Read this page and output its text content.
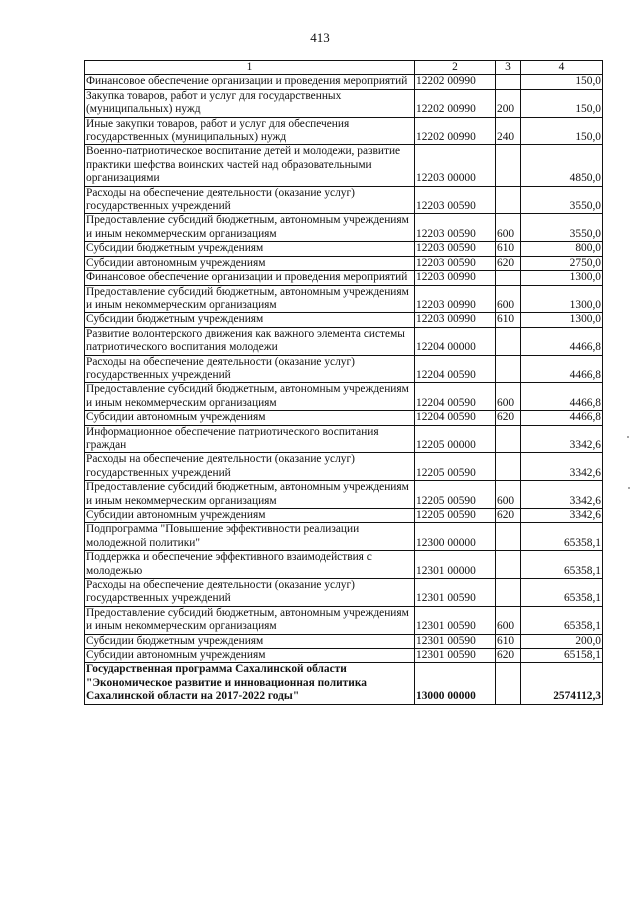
413
1	2	3	4
Финансовое обеспечение организации и проведения мероприятий	12202 00990		150,0
Закупка товаров, работ и услуг для государственных (муниципальных) нужд	12202 00990	200	150,0
Иные закупки товаров, работ и услуг для обеспечения государственных (муниципальных) нужд	12202 00990	240	150,0
Военно-патриотическое воспитание детей и молодежи, развитие практики шефства воинских частей над образовательными организациями	12203 00000		4850,0
Расходы на обеспечение деятельности (оказание услуг) государственных учреждений	12203 00590		3550,0
Предоставление субсидий бюджетным, автономным учреждениям и иным некоммерческим организациям	12203 00590	600	3550,0
Субсидии бюджетным учреждениям	12203 00590	610	800,0
Субсидии автономным учреждениям	12203 00590	620	2750,0
Финансовое обеспечение организации и проведения мероприятий	12203 00990		1300,0
Предоставление субсидий бюджетным, автономным учреждениям и иным некоммерческим организациям	12203 00990	600	1300,0
Субсидии бюджетным учреждениям	12203 00990	610	1300,0
Развитие волонтерского движения как важного элемента системы патриотического воспитания молодежи	12204 00000		4466,8
Расходы на обеспечение деятельности (оказание услуг) государственных учреждений	12204 00590		4466,8
Предоставление субсидий бюджетным, автономным учреждениям и иным некоммерческим организациям	12204 00590	600	4466,8
Субсидии автономным учреждениям	12204 00590	620	4466,8
Информационное обеспечение патриотического воспитания граждан	12205 00000		3342,6
Расходы на обеспечение деятельности (оказание услуг) государственных учреждений	12205 00590		3342,6
Предоставление субсидий бюджетным, автономным учреждениям и иным некоммерческим организациям	12205 00590	600	3342,6
Субсидии автономным учреждениям	12205 00590	620	3342,6
Подпрограмма "Повышение эффективности реализации молодежной политики"	12300 00000		65358,1
Поддержка и обеспечение эффективного взаимодействия с молодежью	12301 00000		65358,1
Расходы на обеспечение деятельности (оказание услуг) государственных учреждений	12301 00590		65358,1
Предоставление субсидий бюджетным, автономным учреждениям и иным некоммерческим организациям	12301 00590	600	65358,1
Субсидии бюджетным учреждениям	12301 00590	610	200,0
Субсидии автономным учреждениям	12301 00590	620	65158,1
Государственная программа Сахалинской области "Экономическое развитие и инновационная политика Сахалинской области на 2017-2022 годы"	13000 00000		2574112,3
